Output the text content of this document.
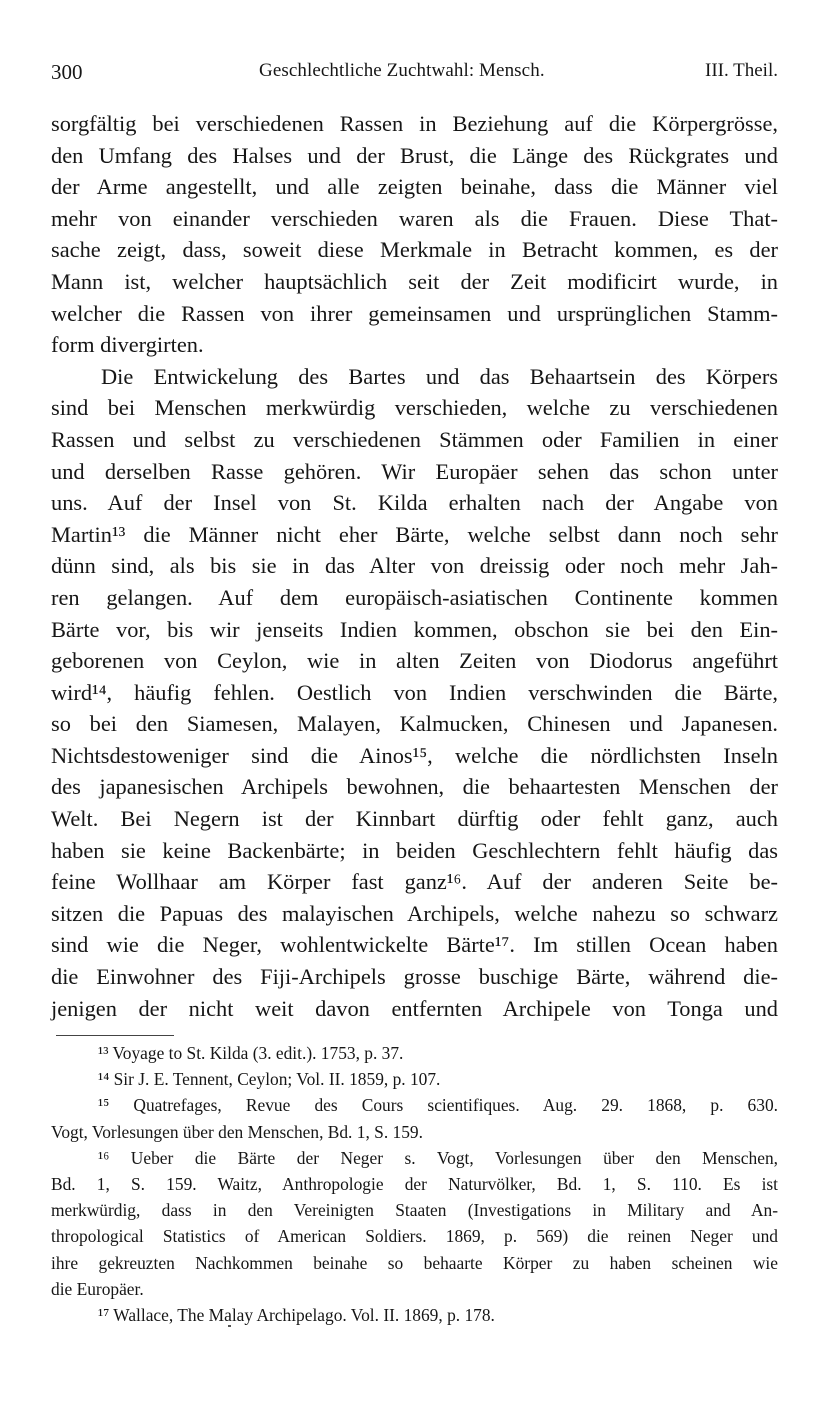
300	Geschlechtliche Zuchtwahl: Mensch.	III. Theil.
sorgfältig bei verschiedenen Rassen in Beziehung auf die Körpergrösse,
den Umfang des Halses und der Brust, die Länge des Rückgrates und
der Arme angestellt, und alle zeigten beinahe, dass die Männer viel
mehr von einander verschieden waren als die Frauen. Diese That-
sache zeigt, dass, soweit diese Merkmale in Betracht kommen, es der
Mann ist, welcher hauptsächlich seit der Zeit modificirt wurde, in
welcher die Rassen von ihrer gemeinsamen und ursprünglichen Stamm-
form divergirten.
Die Entwickelung des Bartes und das Behaartsein des Körpers
sind bei Menschen merkwürdig verschieden, welche zu verschiedenen
Rassen und selbst zu verschiedenen Stämmen oder Familien in einer
und derselben Rasse gehören. Wir Europäer sehen das schon unter
uns. Auf der Insel von St. Kilda erhalten nach der Angabe von
Martin¹³ die Männer nicht eher Bärte, welche selbst dann noch sehr
dünn sind, als bis sie in das Alter von dreissig oder noch mehr Jah-
ren gelangen. Auf dem europäisch-asiatischen Continente kommen
Bärte vor, bis wir jenseits Indien kommen, obschon sie bei den Ein-
geborenen von Ceylon, wie in alten Zeiten von Diodorus angeführt
wird¹⁴, häufig fehlen. Oestlich von Indien verschwinden die Bärte,
so bei den Siamesen, Malayen, Kalmucken, Chinesen und Japanesen.
Nichtsdestoweniger sind die Ainos¹⁵, welche die nördlichsten Inseln
des japanesischen Archipels bewohnen, die behaartesten Menschen der
Welt. Bei Negern ist der Kinnbart dürftig oder fehlt ganz, auch
haben sie keine Backenbärte; in beiden Geschlechtern fehlt häufig das
feine Wollhaar am Körper fast ganz¹⁶. Auf der anderen Seite be-
sitzen die Papuas des malayischen Archipels, welche nahezu so schwarz
sind wie die Neger, wohlentwickelte Bärte¹⁷. Im stillen Ocean haben
die Einwohner des Fiji-Archipels grosse buschige Bärte, während die-
jenigen der nicht weit davon entfernten Archipele von Tonga und
¹³ Voyage to St. Kilda (3. edit.). 1753, p. 37.
¹⁴ Sir J. E. Tennent, Ceylon; Vol. II. 1859, p. 107.
¹⁵ Quatrefages, Revue des Cours scientifiques. Aug. 29. 1868, p. 630.
Vogt, Vorlesungen über den Menschen, Bd. 1, S. 159.
¹⁶ Ueber die Bärte der Neger s. Vogt, Vorlesungen über den Menschen,
Bd. 1, S. 159. Waitz, Anthropologie der Naturvölker, Bd. 1, S. 110. Es ist
merkwürdig, dass in den Vereinigten Staaten (Investigations in Military and An-
thropological Statistics of American Soldiers. 1869, p. 569) die reinen Neger und
ihre gekreuzten Nachkommen beinahe so behaarte Körper zu haben scheinen wie
die Europäer.
¹⁷ Wallace, The Malay Archipelago. Vol. II. 1869, p. 178.
